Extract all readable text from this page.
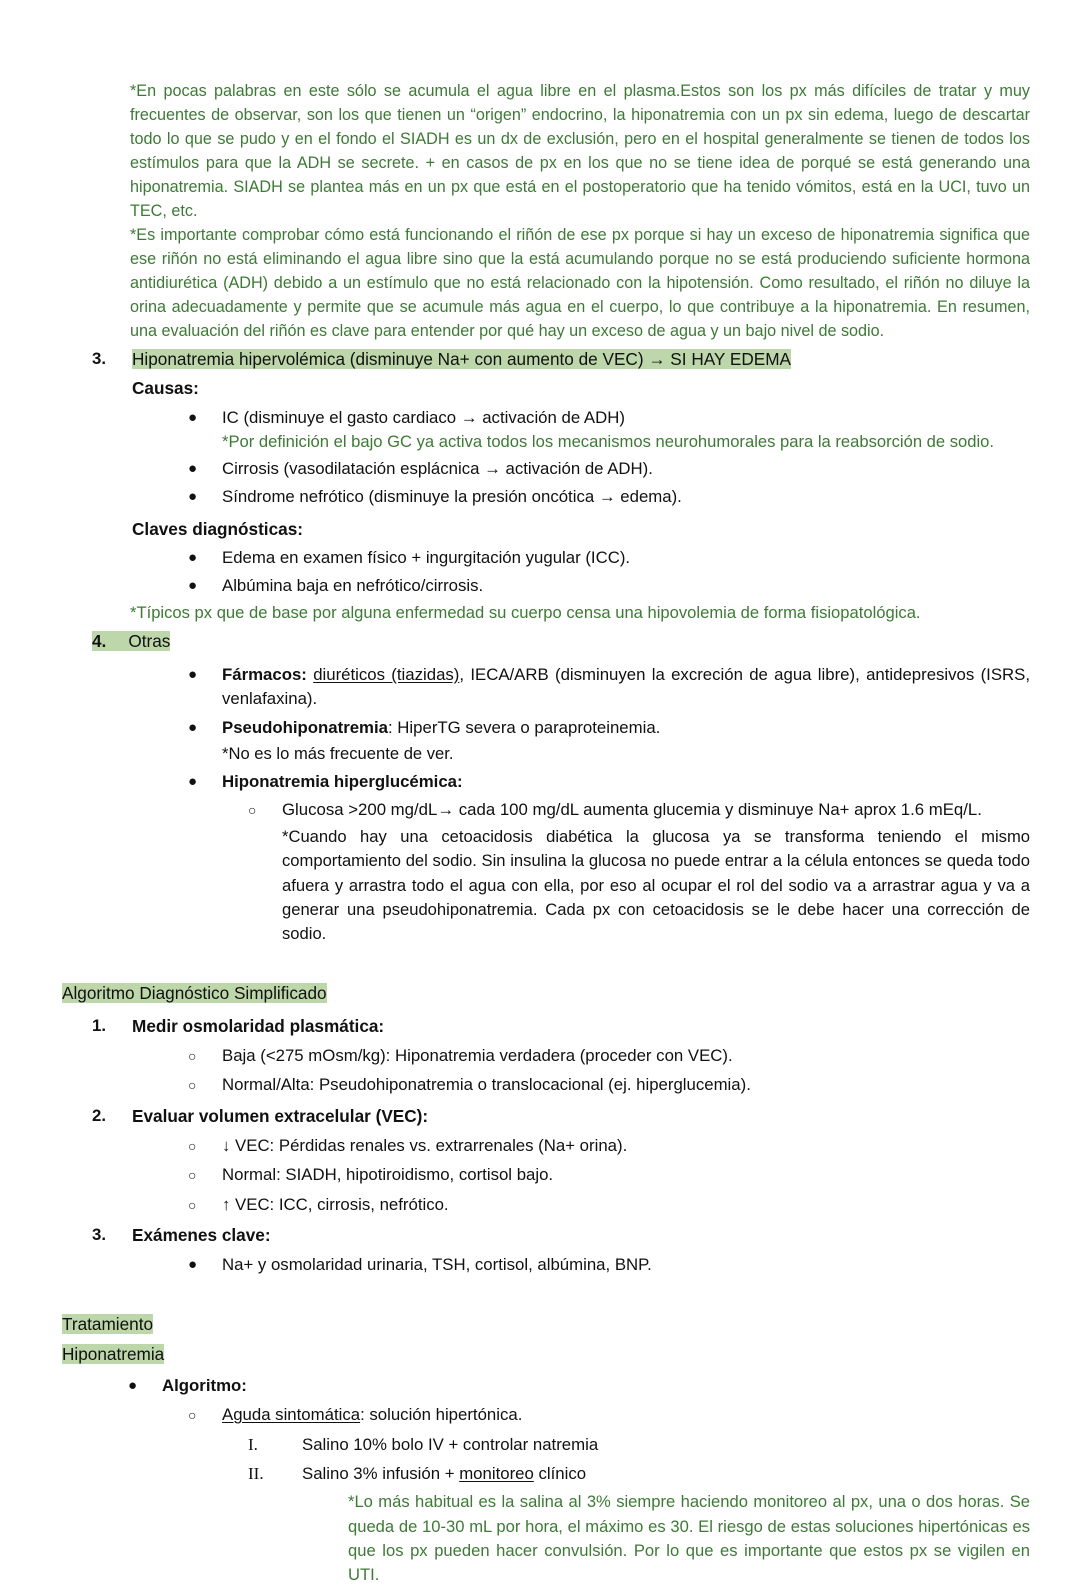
*En pocas palabras en este sólo se acumula el agua libre en el plasma.Estos son los px más difíciles de tratar y muy frecuentes de observar, son los que tienen un “origen” endocrino, la hiponatremia con un px sin edema, luego de descartar todo lo que se pudo y en el fondo el SIADH es un dx de exclusión, pero en el hospital generalmente se tienen de todos los estímulos para que la ADH se secrete. + en casos de px en los que no se tiene idea de porqué se está generando una hiponatremia. SIADH se plantea más en un px que está en el postoperatorio que ha tenido vómitos, está en la UCI, tuvo un TEC, etc.

*Es importante comprobar cómo está funcionando el riñón de ese px porque si hay un exceso de hiponatremia significa que ese riñón no está eliminando el agua libre sino que la está acumulando porque no se está produciendo suficiente hormona antidiurética (ADH) debido a un estímulo que no está relacionado con la hipotensión. Como resultado, el riñón no diluye la orina adecuadamente y permite que se acumule más agua en el cuerpo, lo que contribuye a la hiponatremia. En resumen, una evaluación del riñón es clave para entender por qué hay un exceso de agua y un bajo nivel de sodio.

3.	Hiponatremia hipervolémica (disminuye Na+ con aumento de VEC) → SI HAY EDEMA

Causas:

●	IC (disminuye el gasto cardiaco → activación de ADH)

*Por definición el bajo GC ya activa todos los mecanismos neurohumorales para la reabsorción de sodio.

●	Cirrosis (vasodilatación esplácnica → activación de ADH).
●	Síndrome nefrótico (disminuye la presión oncótica → edema).

Claves diagnósticas:

●	Edema en examen físico + ingurgitación yugular (ICC).
●	Albúmina baja en nefrótico/cirrosis.

*Típicos px que de base por alguna enfermedad su cuerpo censa una hipovolemia de forma fisiopatológica.

4. Otras
●	Fármacos: diuréticos (tiazidas), IECA/ARB (disminuyen la excreción de agua libre), antidepresivos (ISRS, venlafaxina).
●	Pseudohiponatremia: HiperTG severa o paraproteinemia.

*No es lo más frecuente de ver.

●	Hiponatremia hiperglucémica:
○	Glucosa >200 mg/dL→ cada 100 mg/dL aumenta glucemia y disminuye Na+ aprox 1.6 mEq/L.

*Cuando hay una cetoacidosis diabética la glucosa ya se transforma teniendo el mismo comportamiento del sodio. Sin insulina la glucosa no puede entrar a la célula entonces se queda todo afuera y arrastra todo el agua con ella, por eso al ocupar el rol del sodio va a arrastrar agua y va a generar una pseudohiponatremia. Cada px con cetoacidosis se le debe hacer una corrección de sodio.

Algoritmo Diagnóstico Simplificado

1.	Medir osmolaridad plasmática:
○	Baja (<275 mOsm/kg): Hiponatremia verdadera (proceder con VEC).
○	Normal/Alta: Pseudohiponatremia o translocacional (ej. hiperglucemia).
2.	Evaluar volumen extracelular (VEC):
○	↓ VEC: Pérdidas renales vs. extrarrenales (Na+ orina).
○	Normal: SIADH, hipotiroidismo, cortisol bajo.
○	↑ VEC: ICC, cirrosis, nefrótico.
3.	Exámenes clave:
●	Na+ y osmolaridad urinaria, TSH, cortisol, albúmina, BNP.

Tratamiento

Hiponatremia

●	Algoritmo:
○	Aguda sintomática: solución hipertónica.
I.	Salino 10% bolo IV + controlar natremia
II.	Salino 3% infusión + monitoreo clínico

*Lo más habitual es la salina al 3% siempre haciendo monitoreo al px, una o dos horas. Se queda de 10-30 mL por hora, el máximo es 30. El riesgo de estas soluciones hipertónicas es que los px pueden hacer convulsión. Por lo que es importante que estos px se vigilen en UTI.
